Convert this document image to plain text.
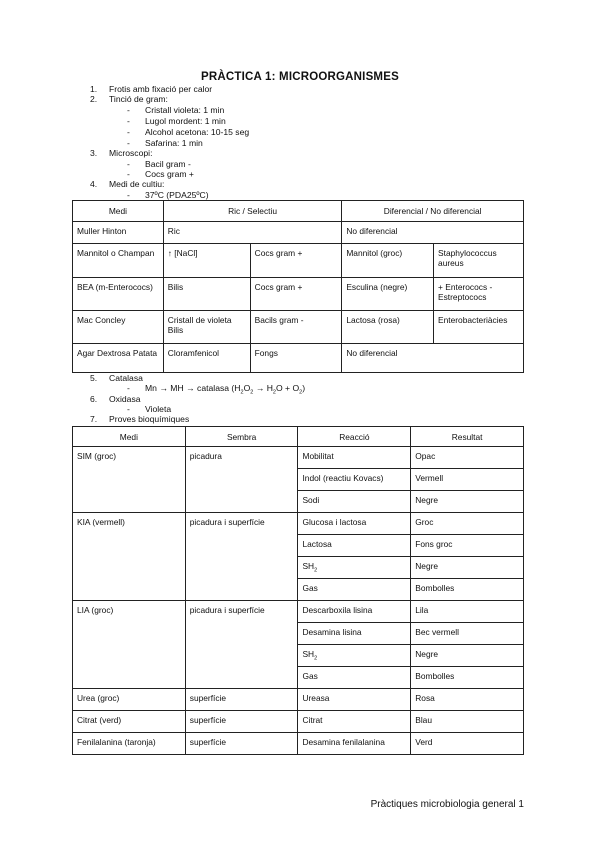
PRÀCTICA 1: MICROORGANISMES
1. Frotis amb fixació per calor
2. Tinció de gram:
- Cristall violeta: 1 min
- Lugol mordent: 1 min
- Alcohol acetona: 10-15 seg
- Safarina: 1 min
3. Microscopi:
- Bacil gram -
- Cocs gram +
4. Medi de cultiu:
- 37ºC (PDA25ºC)
5. Catalasa
- Mn → MH → catalasa $(H_2O_2 \to H_2O + O_2)$
6. Oxidasa
- Violeta
7. Proves bioquímiques
Medi	Ric / Selectiu		Diferencial / No diferencial	
Muller Hinton	Ric		No diferencial	
Mannitol o Champan	↑ [NaCl]	Cocs gram +	Mannitol (groc)	Staphylococcus aureus
BEA (m-Enterococs)	Bilis	Cocs gram +	Esculina (negre)	+ Enterococs - Estreptococs
Mac Concley	Cristall de violeta Bilis	Bacils gram -	Lactosa (rosa)	Enterobacteriàcies
Agar Dextrosa Patata	Cloramfenicol	Fongs	No diferencial	
Medi	Sembra	Reacció	Resultat
SIM (groc)	picadura	Mobilitat	Opac
		Indol (reactiu Kovacs)	Vermell
		Sodi	Negre
KIA (vermell)	picadura i superfície	Glucosa i lactosa	Groc
		Lactosa	Fons groc
		$SH_2$	Negre
		Gas	Bombolles
LIA (groc)	picadura i superfície	Descarboxila lisina	Lila
		Desamina lisina	Bec vermell
		$SH_2$	Negre
		Gas	Bombolles
Urea (groc)	superfície	Ureasa	Rosa
Citrat (verd)	superfície	Citrat	Blau
Fenilalanina (taronja)	superfície	Desamina fenilalanina	Verd
Pràctiques microbiologia general 1
